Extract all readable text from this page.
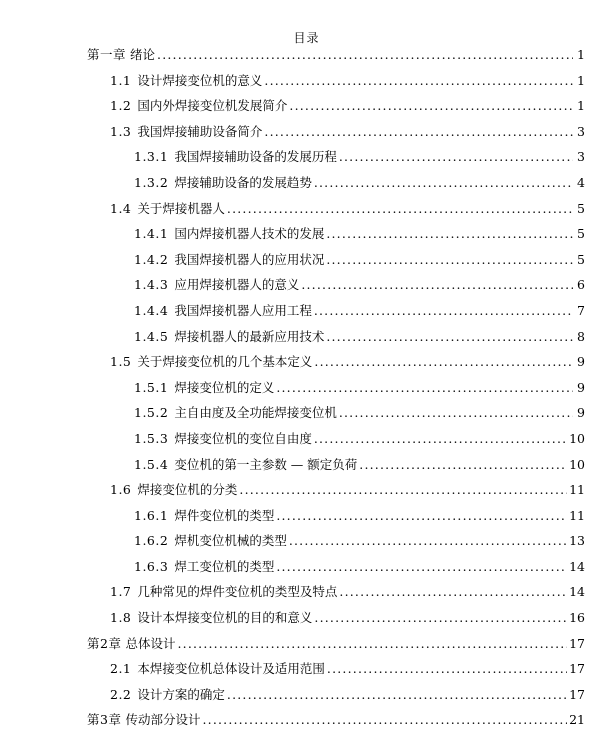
目录
第一章 绪论 .....	1
1.1 设计焊接变位机的意义 .....	1
1.2 国内外焊接变位机发展简介 .....	1
1.3 我国焊接辅助设备简介 .....	3
1.3.1 我国焊接辅助设备的发展历程 .....	3
1.3.2 焊接辅助设备的发展趋势 .....	4
1.4 关于焊接机器人 .....	5
1.4.1 国内焊接机器人技术的发展 .....	5
1.4.2 我国焊接机器人的应用状况 .....	5
1.4.3 应用焊接机器人的意义 .....	6
1.4.4 我国焊接机器人应用工程 .....	7
1.4.5 焊接机器人的最新应用技术 .....	8
1.5 关于焊接变位机的几个基本定义 .....	9
1.5.1 焊接变位机的定义 .....	9
1.5.2 主自由度及全功能焊接变位机 .....	9
1.5.3 焊接变位机的变位自由度 .....	10
1.5.4 变位机的第一主参数 — 额定负荷 .....	10
1.6 焊接变位机的分类 .....	11
1.6.1 焊件变位机的类型 .....	11
1.6.2 焊机变位机械的类型 .....	13
1.6.3 焊工变位机的类型 .....	14
1.7 几种常见的焊件变位机的类型及特点 .....	14
1.8 设计本焊接变位机的目的和意义 .....	16
第2章 总体设计 .....	17
2.1 本焊接变位机总体设计及适用范围 .....	17
2.2 设计方案的确定 .....	17
第3章 传动部分设计 .....	21
